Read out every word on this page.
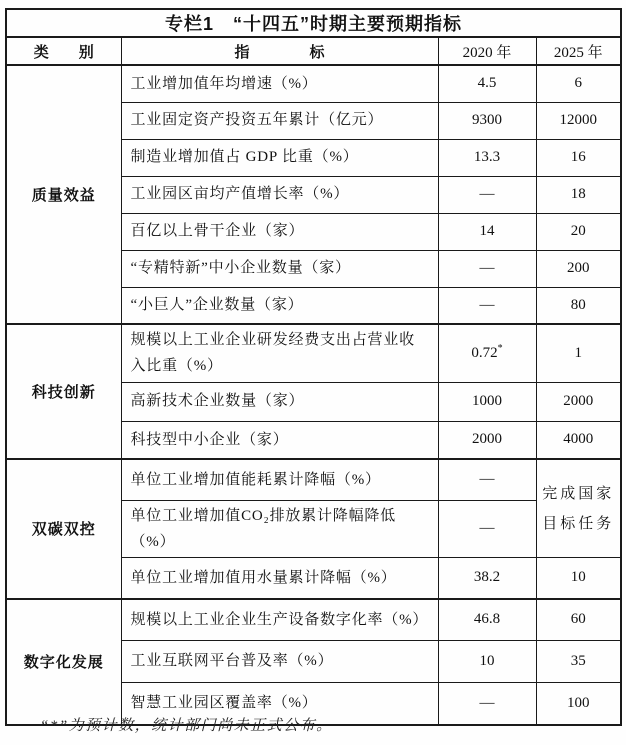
专栏1　“十四五”时期主要预期指标			
类　　别	指　　　　标	2020 年	2025 年
质量效益	工业增加值年均增速（%）	4.5	6
	工业固定资产投资五年累计（亿元）	9300	12000
	制造业增加值占 GDP 比重（%）	13.3	16
	工业园区亩均产值增长率（%）	—	18
	百亿以上骨干企业（家）	14	20
	“专精特新”中小企业数量（家）	—	200
	“小巨人”企业数量（家）	—	80
科技创新	规模以上工业企业研发经费支出占营业收入比重（%）	0.72*	1
	高新技术企业数量（家）	1000	2000
	科技型中小企业（家）	2000	4000
双碳双控	单位工业增加值能耗累计降幅（%）	—	完成国家目标任务
	单位工业增加值CO₂排放累计降幅降低（%）	—	
	单位工业增加值用水量累计降幅（%）	38.2	10
数字化发展	规模以上工业企业生产设备数字化率（%）	46.8	60
	工业互联网平台普及率（%）	10	35
	智慧工业园区覆盖率（%）	—	100
“*”为预计数，统计部门尚未正式公布。
